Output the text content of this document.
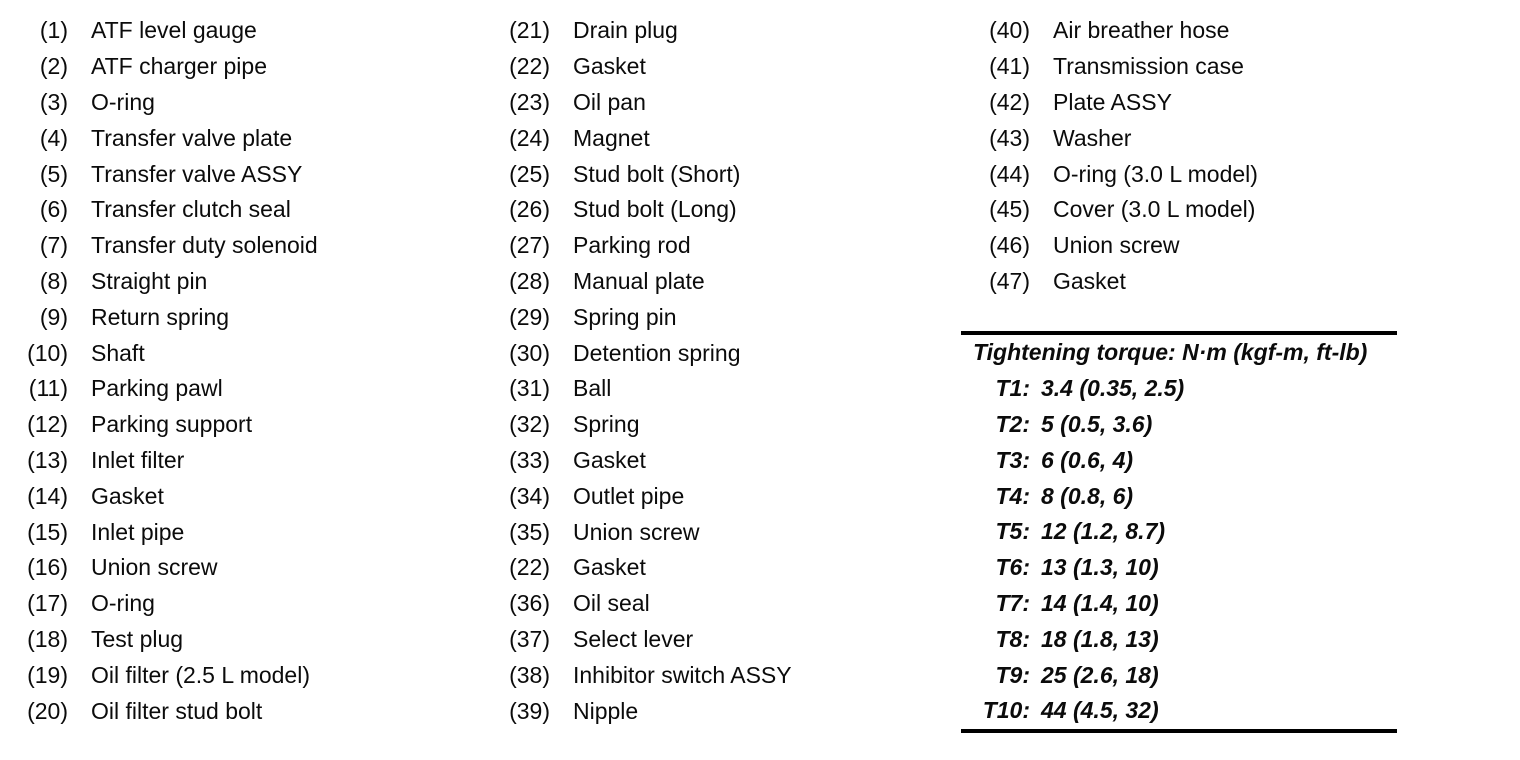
(1) ATF level gauge
(2) ATF charger pipe
(3) O-ring
(4) Transfer valve plate
(5) Transfer valve ASSY
(6) Transfer clutch seal
(7) Transfer duty solenoid
(8) Straight pin
(9) Return spring
(10) Shaft
(11) Parking pawl
(12) Parking support
(13) Inlet filter
(14) Gasket
(15) Inlet pipe
(16) Union screw
(17) O-ring
(18) Test plug
(19) Oil filter (2.5 L model)
(20) Oil filter stud bolt
(21) Drain plug
(22) Gasket
(23) Oil pan
(24) Magnet
(25) Stud bolt (Short)
(26) Stud bolt (Long)
(27) Parking rod
(28) Manual plate
(29) Spring pin
(30) Detention spring
(31) Ball
(32) Spring
(33) Gasket
(34) Outlet pipe
(35) Union screw
(22) Gasket
(36) Oil seal
(37) Select lever
(38) Inhibitor switch ASSY
(39) Nipple
(40) Air breather hose
(41) Transmission case
(42) Plate ASSY
(43) Washer
(44) O-ring (3.0 L model)
(45) Cover (3.0 L model)
(46) Union screw
(47) Gasket
Tightening torque: N·m (kgf-m, ft-lb)
T1: 3.4 (0.35, 2.5)
T2: 5 (0.5, 3.6)
T3: 6 (0.6, 4)
T4: 8 (0.8, 6)
T5: 12 (1.2, 8.7)
T6: 13 (1.3, 10)
T7: 14 (1.4, 10)
T8: 18 (1.8, 13)
T9: 25 (2.6, 18)
T10: 44 (4.5, 32)
